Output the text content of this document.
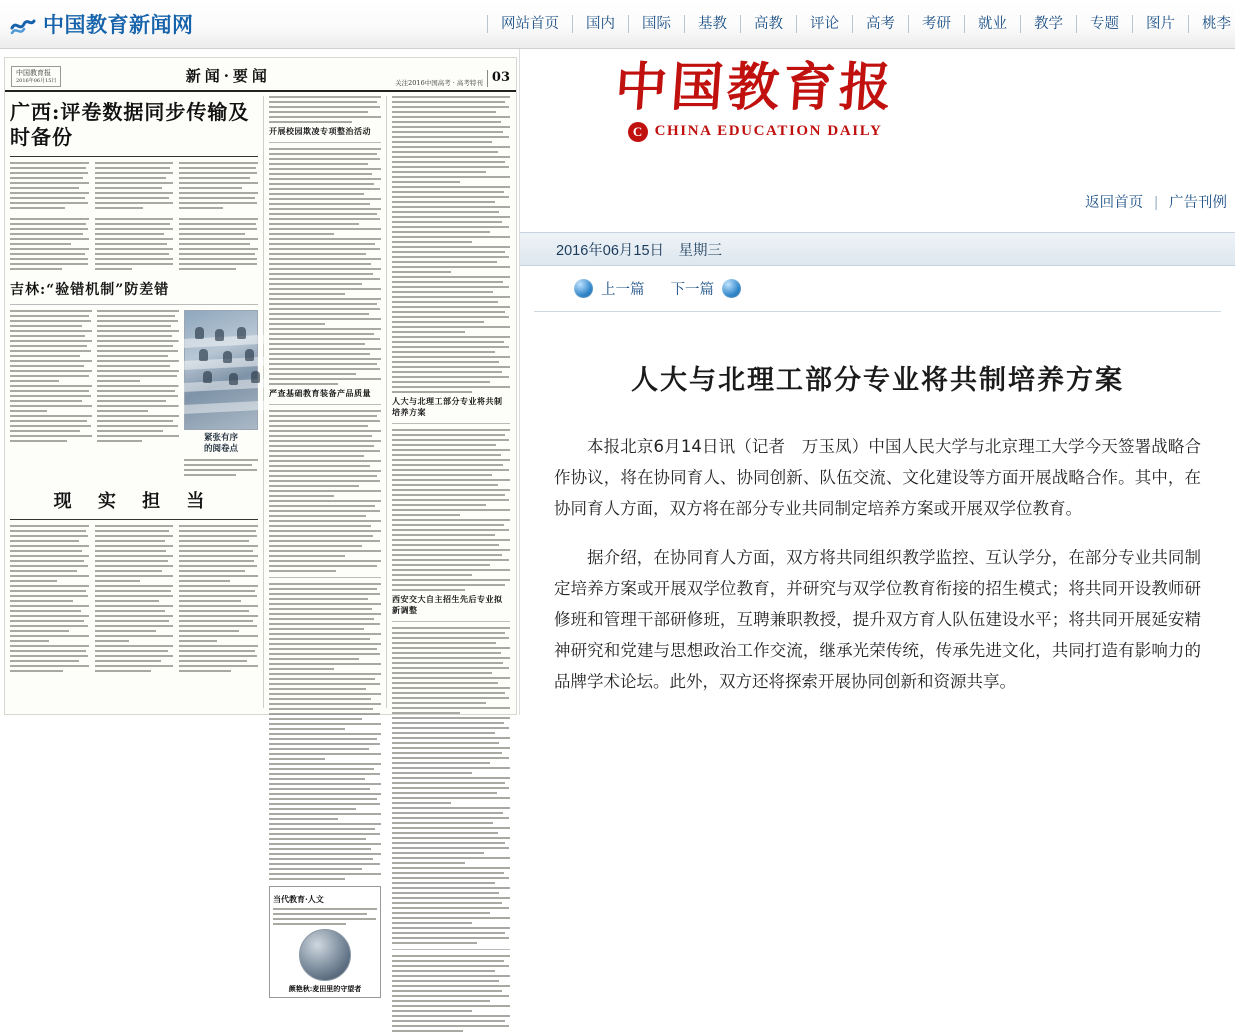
中国教育新闻网	网站首页	国内	国际	基教	高教	评论	高考	考研	就业	教学	专题	图片	桃李
中国教育报
2016年06月15日	新闻·要闻	关注2016中国高考 · 高考特刊 03
广西:评卷数据同步传输及时备份
吉林:“验错机制”防差错
紧张有序
的阅卷点
现 实 担 当
开展校园欺凌专项整治活动
严查基础教育装备产品质量
当代教育·人文
颜艳秋:麦田里的守望者
人大与北理工部分专业将共制培养方案
西安交大自主招生先后专业拟新调整
中国教育报
C CHINA EDUCATION DAILY
返回首页 | 广告刊例
2016年06月15日　星期三
上一篇 下一篇
人大与北理工部分专业将共制培养方案

本报北京6月14日讯（记者　万玉凤）中国人民大学与北京理工大学今天签署战略合作协议，将在协同育人、协同创新、队伍交流、文化建设等方面开展战略合作。其中，在协同育人方面，双方将在部分专业共同制定培养方案或开展双学位教育。

据介绍，在协同育人方面，双方将共同组织教学监控、互认学分，在部分专业共同制定培养方案或开展双学位教育，并研究与双学位教育衔接的招生模式；将共同开设教师研修班和管理干部研修班，互聘兼职教授，提升双方育人队伍建设水平；将共同开展延安精神研究和党建与思想政治工作交流，继承光荣传统，传承先进文化，共同打造有影响力的品牌学术论坛。此外，双方还将探索开展协同创新和资源共享。
